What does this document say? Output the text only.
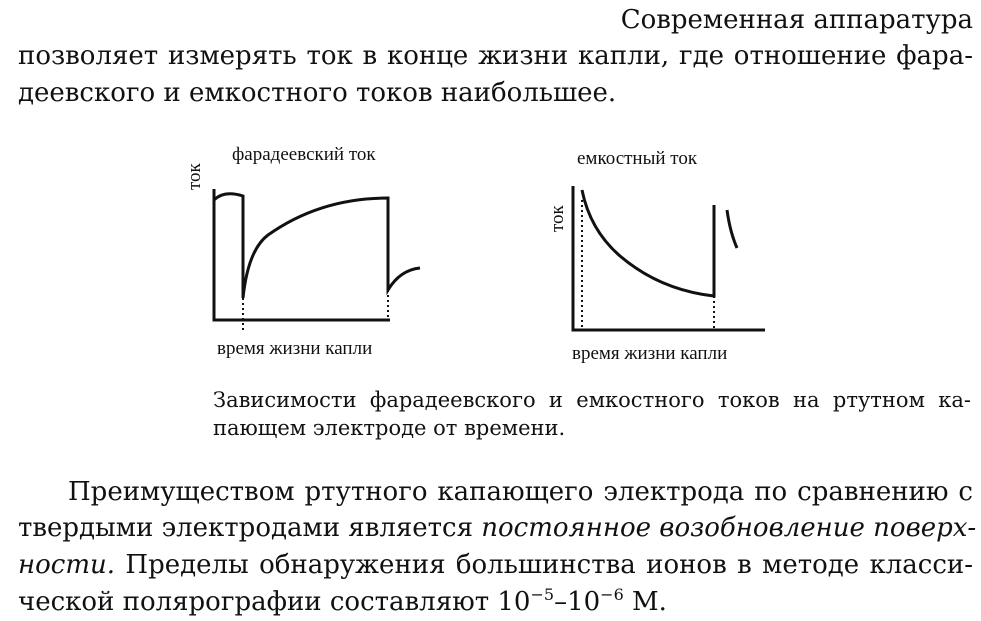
Современная аппаратура
позволяет измерять ток в конце жизни капли, где отношение фара-
деевского и емкостного токов наибольшее.
фарадеевский ток	емкостный ток
ток
ток
время жизни капли	время жизни капли
Зависимости фарадеевского и емкостного токов на ртутном ка-
пающем электроде от времени.
Преимуществом ртутного капающего электрода по сравнению с
твердыми электродами является постоянное возобновление поверх-
ности. Пределы обнаружения большинства ионов в методе класси-
ческой полярографии составляют $10^{-5}-10^{-6}$ М.
